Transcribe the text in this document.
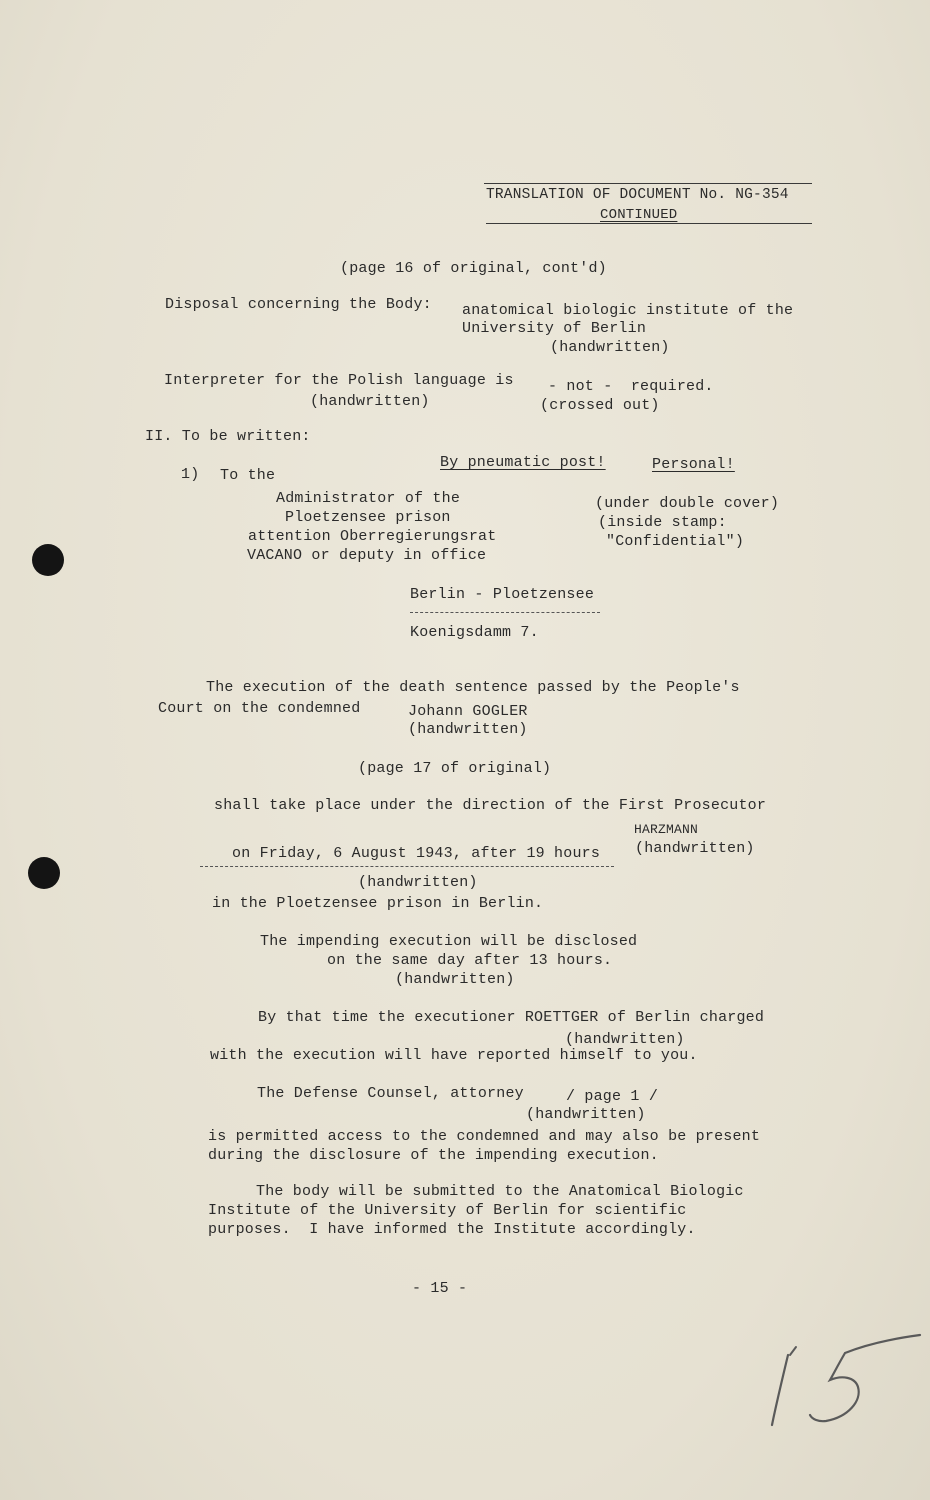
TRANSLATION OF DOCUMENT No. NG-354
CONTINUED
(page 16 of original, cont'd)
Disposal concerning the Body: anatomical biologic institute of the
University of Berlin
(handwritten)
Interpreter for the Polish language is - not -  required.
(handwritten)	(crossed out)
II. To be written:
By pneumatic post!	Personal!
1) To the
Administrator of the
Ploetzensee prison
attention Oberregierungsrat
VACANO or deputy in office
(under double cover)
(inside stamp:
"Confidential")
Berlin - Ploetzensee
Koenigsdamm 7.
The execution of the death sentence passed by the People's
Court on the condemned	Johann GOGLER
(handwritten)
(page 17 of original)
shall take place under the direction of the First Prosecutor
HARZMANN
(handwritten)
on Friday, 6 August 1943, after 19 hours
(handwritten)
in the Ploetzensee prison in Berlin.
The impending execution will be disclosed
on the same day after 13 hours.
(handwritten)
By that time the executioner ROETTGER of Berlin charged
(handwritten)
with the execution will have reported himself to you.
The Defense Counsel, attorney	/ page 1 /
(handwritten)
is permitted access to the condemned and may also be present
during the disclosure of the impending execution.
The body will be submitted to the Anatomical Biologic
Institute of the University of Berlin for scientific
purposes.  I have informed the Institute accordingly.
- 15 -
